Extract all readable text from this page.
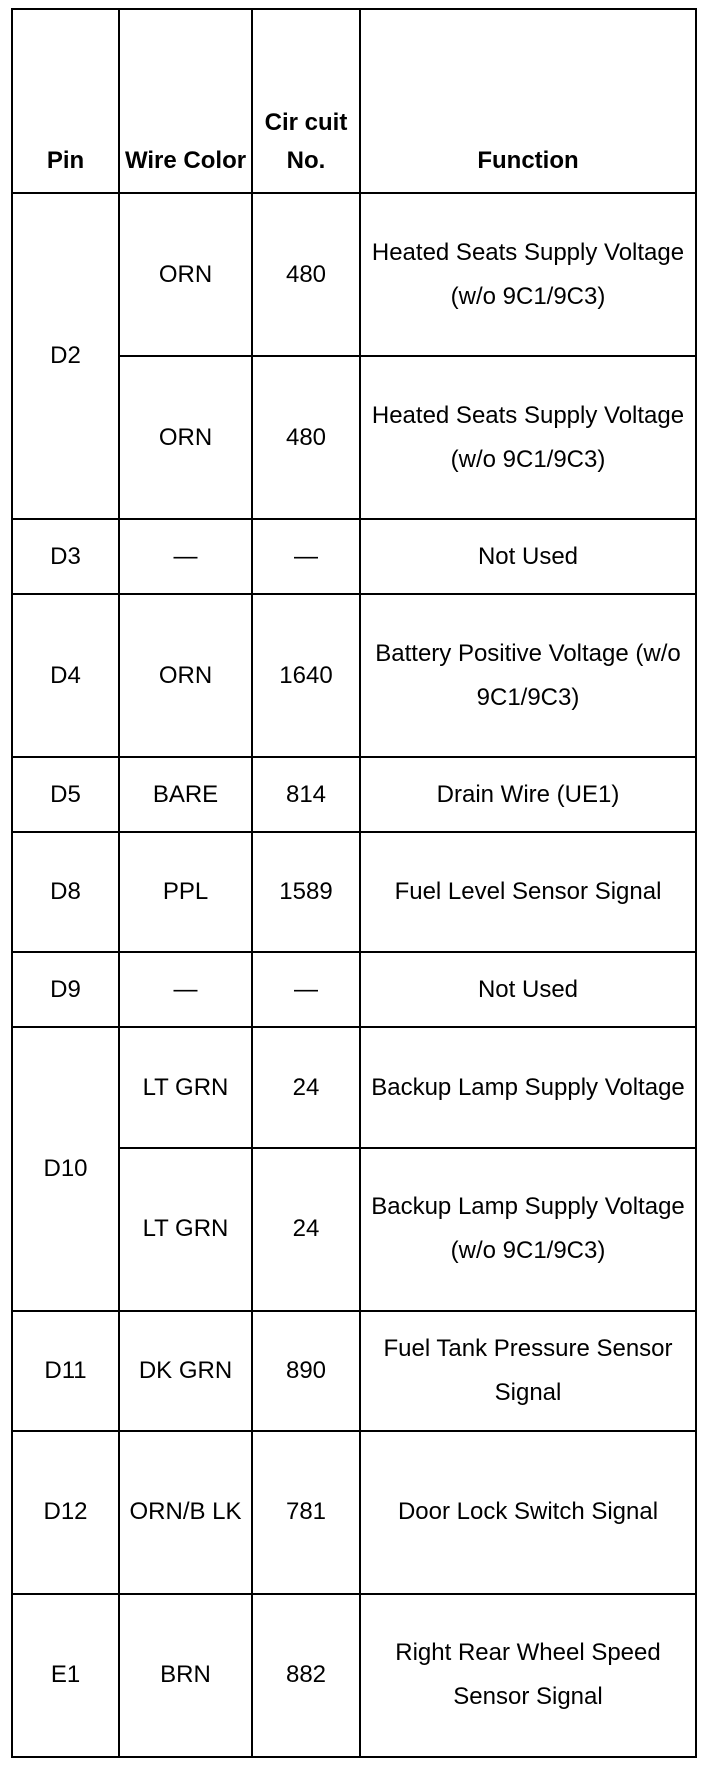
Pin	Wire Color	Cir cuit No.	Function
D2	ORN	480	Heated Seats Supply Voltage (w/o 9C1/9C3)
	ORN	480	Heated Seats Supply Voltage (w/o 9C1/9C3)
D3	—	—	Not Used
D4	ORN	1640	Battery Positive Voltage (w/o 9C1/9C3)
D5	BARE	814	Drain Wire (UE1)
D8	PPL	1589	Fuel Level Sensor Signal
D9	—	—	Not Used
D10	LT GRN	24	Backup Lamp Supply Voltage
	LT GRN	24	Backup Lamp Supply Voltage (w/o 9C1/9C3)
D11	DK GRN	890	Fuel Tank Pressure Sensor Signal
D12	ORN/B LK	781	Door Lock Switch Signal
E1	BRN	882	Right Rear Wheel Speed Sensor Signal
